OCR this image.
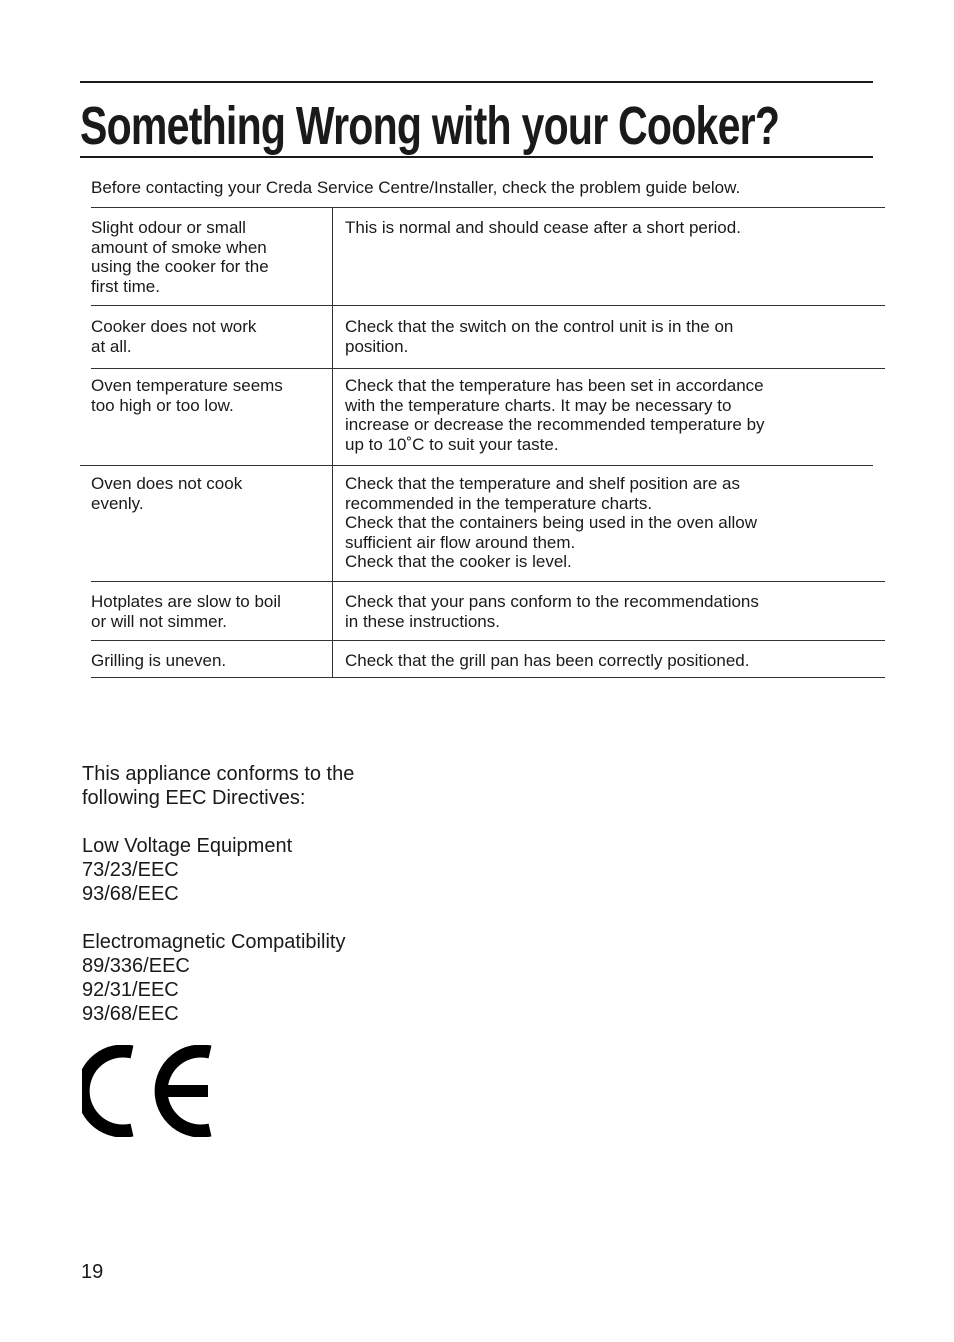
Something Wrong with your Cooker?
Before contacting your Creda Service Centre/Installer, check the problem guide below.
Slight odour or small
amount of smoke when
using the cooker for the
first time.
This is normal and should cease after a short period.
Cooker does not work
at all.
Check that the switch on the control unit is in the on
position.
Oven temperature seems
too high or too low.
Check that the temperature has been set in accordance
with the temperature charts. It may be necessary to
increase or decrease the recommended temperature by
up to 10˚C to suit your taste.
Oven does not cook
evenly.
Check that the temperature and shelf position are as
recommended in the temperature charts.
Check that the containers being used in the oven allow
sufficient air flow around them.
Check that the cooker is level.
Hotplates are slow to boil
or will not simmer.
Check that your pans conform to the recommendations
in these instructions.
Grilling is uneven.	Check that the grill pan has been correctly positioned.
This appliance conforms to the
following EEC Directives:

Low Voltage Equipment
73/23/EEC
93/68/EEC

Electromagnetic Compatibility
89/336/EEC
92/31/EEC
93/68/EEC
19
